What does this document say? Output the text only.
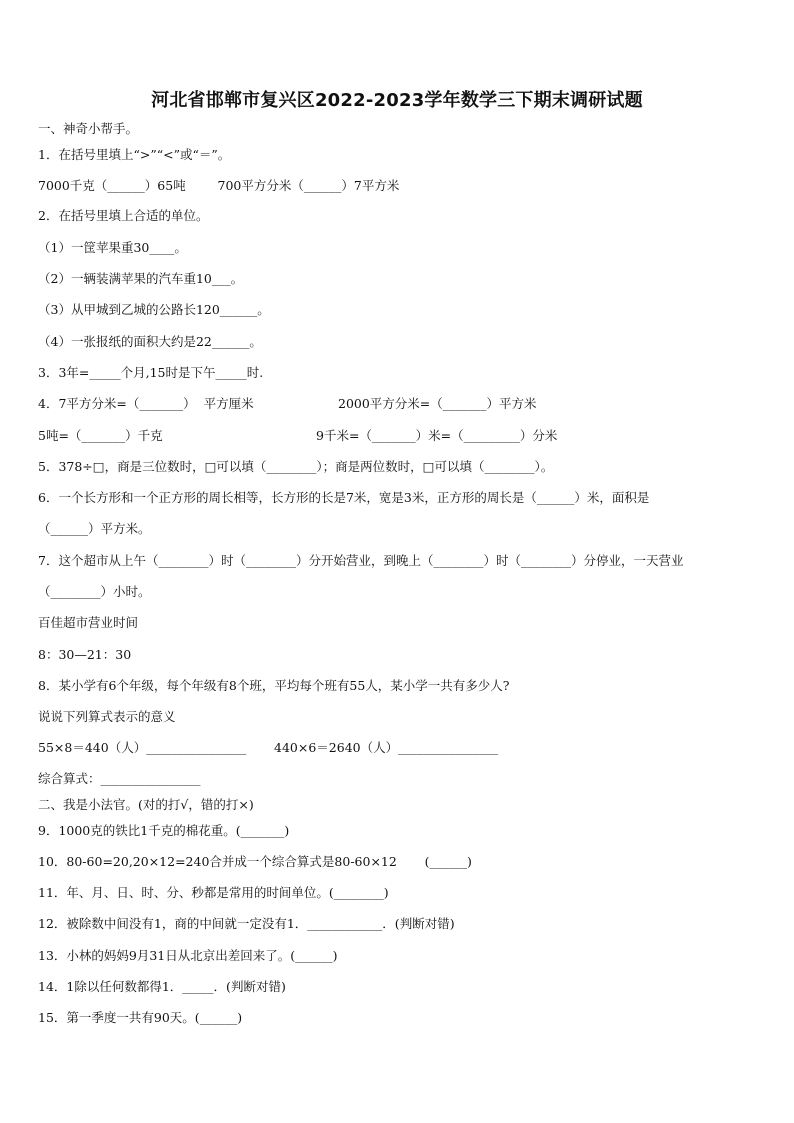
河北省邯郸市复兴区2022-2023学年数学三下期末调研试题
一、神奇小帮手。
1．在括号里填上“>”“<”或“＝”。
7000千克（______）65吨        700平方分米（______）7平方米
2．在括号里填上合适的单位。
（1）一筐苹果重30____。
（2）一辆装满苹果的汽车重10___。
（3）从甲城到乙城的公路长120______。
（4）一张报纸的面积大约是22______。
3．3年=_____个月,15时是下午_____时.
4．7平方分米=（_______）  平方厘米	2000平方分米=（_______）平方米
5吨=（_______）千克	9千米=（_______）米=（_________）分米
5．378÷□，商是三位数时，□可以填（________）；商是两位数时，□可以填（________）。
6．一个长方形和一个正方形的周长相等，长方形的长是7米，宽是3米，正方形的周长是（______）米，面积是
（______）平方米。
7．这个超市从上午（________）时（________）分开始营业，到晚上（________）时（________）分停业，一天营业
（________）小时。
百佳超市营业时间
8：30—21：30
8．某小学有6个年级，每个年级有8个班，平均每个班有55人，某小学一共有多少人?
说说下列算式表示的意义
55×8＝440（人）________________       440×6＝2640（人）________________
综合算式：________________
二、我是小法官。(对的打√，错的打×)
9．1000克的铁比1千克的棉花重。(_______)
10．80-60=20,20×12=240合并成一个综合算式是80-60×12       (______)
11．年、月、日、时、分、秒都是常用的时间单位。(________)
12．被除数中间没有1，商的中间就一定没有1．____________．(判断对错)
13．小林的妈妈9月31日从北京出差回来了。(______)
14．1除以任何数都得1．_____．(判断对错)
15．第一季度一共有90天。(______)
